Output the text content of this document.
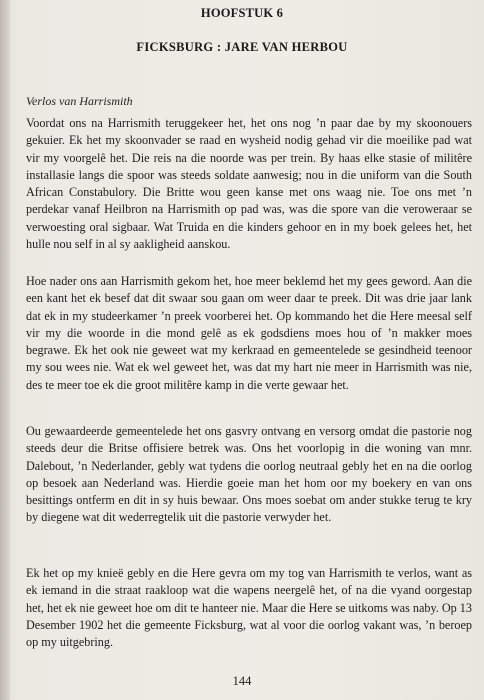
HOOFSTUK 6
FICKSBURG : JARE VAN HERBOU
Verlos van Harrismith

Voordat ons na Harrismith teruggekeer het, het ons nog ’n paar dae by my skoonouers gekuier. Ek het my skoonvader se raad en wysheid nodig gehad vir die moeilike pad wat vir my voorgelê het. Die reis na die noorde was per trein. By haas elke stasie of militêre installasie langs die spoor was steeds soldate aanwesig; nou in die uniform van die South African Constabulory. Die Britte wou geen kanse met ons waag nie. Toe ons met ’n perdekar vanaf Heilbron na Harrismith op pad was, was die spore van die veroweraar se verwoesting oral sigbaar. Wat Truida en die kinders gehoor en in my boek gelees het, het hulle nou self in al sy aakligheid aanskou.

Hoe nader ons aan Harrismith gekom het, hoe meer beklemd het my gees geword. Aan die een kant het ek besef dat dit swaar sou gaan om weer daar te preek. Dit was drie jaar lank dat ek in my studeerkamer ’n preek voorberei het. Op kommando het die Here meesal self vir my die woorde in die mond gelê as ek godsdiens moes hou of ’n makker moes begrawe. Ek het ook nie geweet wat my kerkraad en gemeentelede se gesindheid teenoor my sou wees nie. Wat ek wel geweet het, was dat my hart nie meer in Harrismith was nie, des te meer toe ek die groot militêre kamp in die verte gewaar het.

Ou gewaardeerde gemeentelede het ons gasvry ontvang en versorg omdat die pastorie nog steeds deur die Britse offisiere betrek was. Ons het voorlopig in die woning van mnr. Dalebout, ’n Nederlander, gebly wat tydens die oorlog neutraal gebly het en na die oorlog op besoek aan Nederland was. Hierdie goeie man het hom oor my boekery en van ons besittings ontferm en dit in sy huis bewaar. Ons moes soebat om ander stukke terug te kry by diegene wat dit wederregtelik uit die pastorie verwyder het.

Ek het op my knieë gebly en die Here gevra om my tog van Harrismith te verlos, want as ek iemand in die straat raakloop wat die wapens neergelê het, of na die vyand oorgestap het, het ek nie geweet hoe om dit te hanteer nie. Maar die Here se uitkoms was naby. Op 13 Desember 1902 het die gemeente Ficksburg, wat al voor die oorlog vakant was, ’n beroep op my uitgebring.

144
